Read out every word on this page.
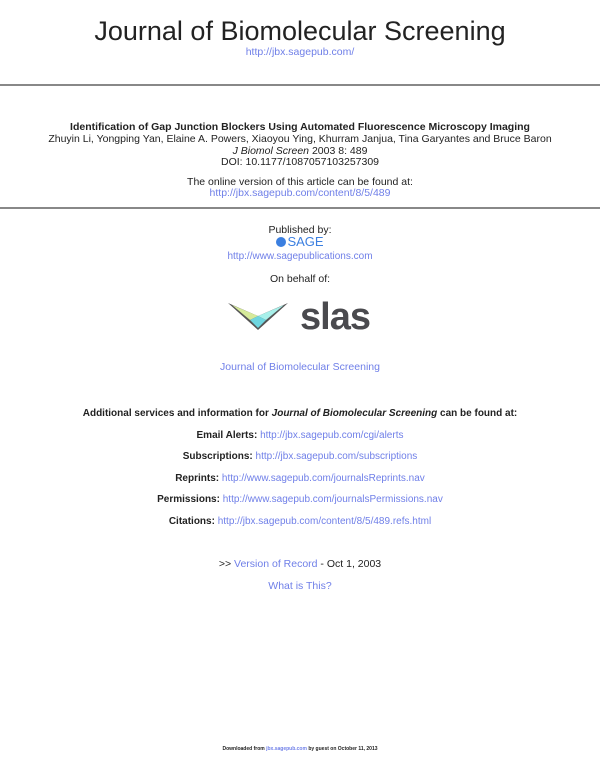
Journal of Biomolecular Screening
http://jbx.sagepub.com/
Identification of Gap Junction Blockers Using Automated Fluorescence Microscopy Imaging
Zhuyin Li, Yongping Yan, Elaine A. Powers, Xiaoyou Ying, Khurram Janjua, Tina Garyantes and Bruce Baron
J Biomol Screen 2003 8: 489
DOI: 10.1177/1087057103257309
The online version of this article can be found at:
http://jbx.sagepub.com/content/8/5/489
Published by:
SAGE
http://www.sagepublications.com
On behalf of:
slas
Journal of Biomolecular Screening
Additional services and information for Journal of Biomolecular Screening can be found at:
Email Alerts: http://jbx.sagepub.com/cgi/alerts
Subscriptions: http://jbx.sagepub.com/subscriptions
Reprints: http://www.sagepub.com/journalsReprints.nav
Permissions: http://www.sagepub.com/journalsPermissions.nav
Citations: http://jbx.sagepub.com/content/8/5/489.refs.html
>> Version of Record - Oct 1, 2003
What is This?
Downloaded from jbx.sagepub.com by guest on October 11, 2013
